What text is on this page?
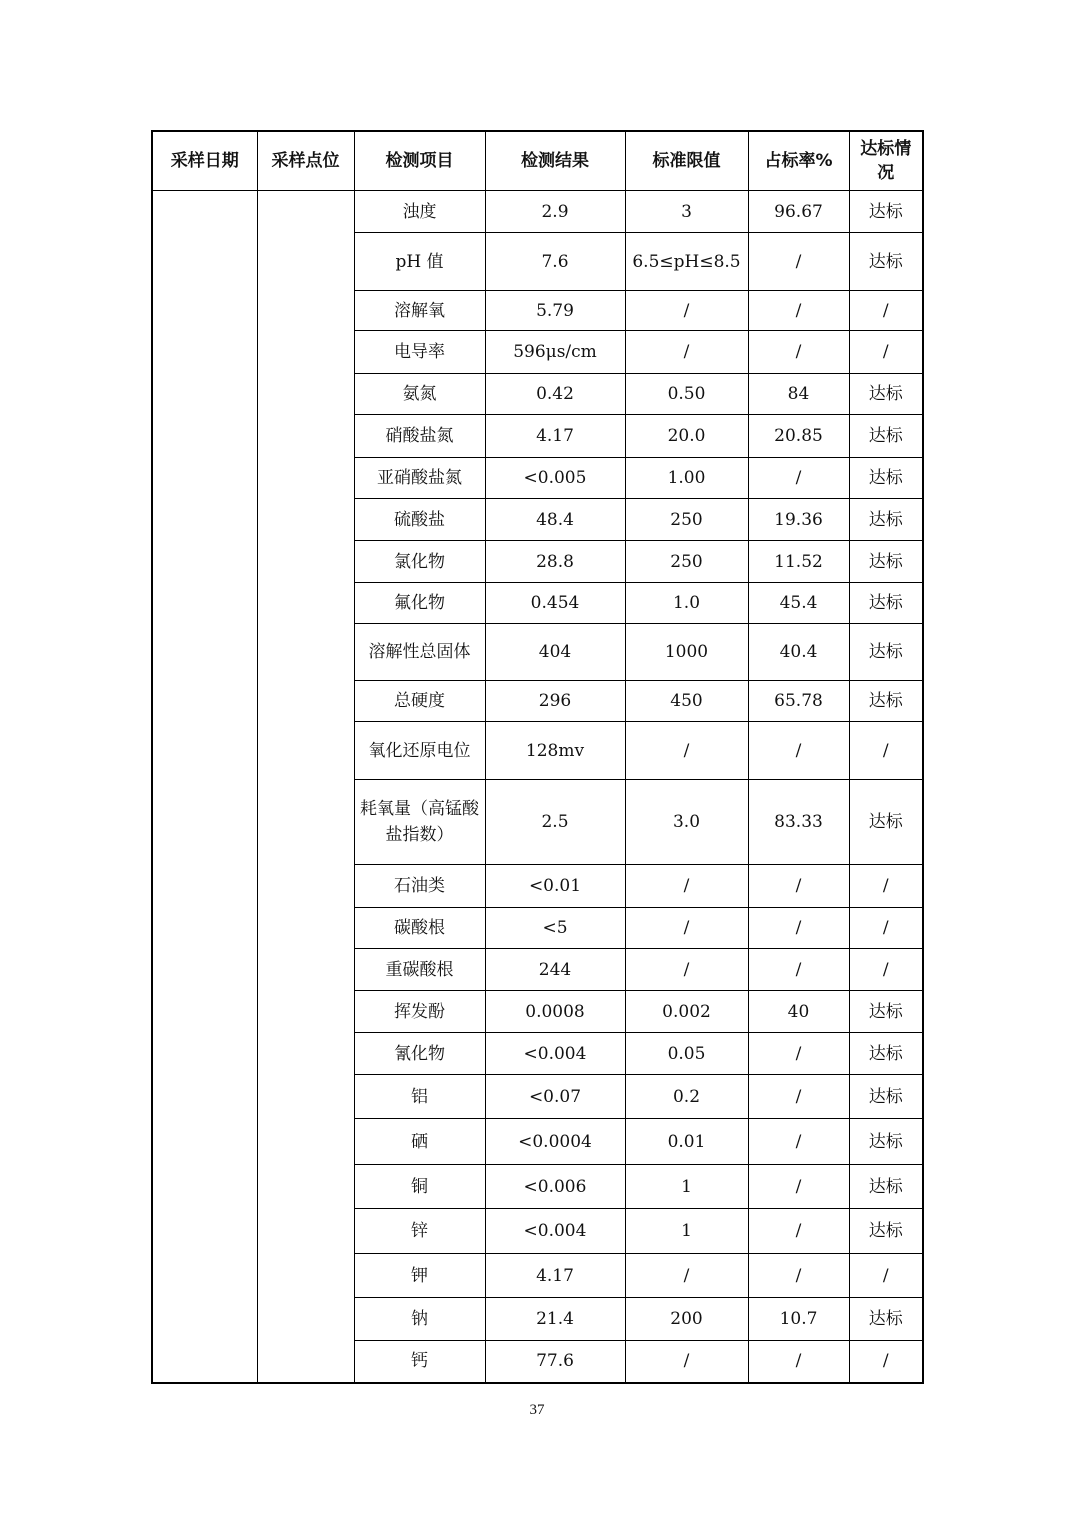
采样日期	采样点位	检测项目	检测结果	标准限值	占标率%	达标情况
		浊度	2.9	3	96.67	达标
		pH 值	7.6	6.5≤pH≤8.5	/	达标
		溶解氧	5.79	/	/	/
		电导率	596μs/cm	/	/	/
		氨氮	0.42	0.50	84	达标
		硝酸盐氮	4.17	20.0	20.85	达标
		亚硝酸盐氮	<0.005	1.00	/	达标
		硫酸盐	48.4	250	19.36	达标
		氯化物	28.8	250	11.52	达标
		氟化物	0.454	1.0	45.4	达标
		溶解性总固体	404	1000	40.4	达标
		总硬度	296	450	65.78	达标
		氧化还原电位	128mv	/	/	/
		耗氧量（高锰酸盐指数）	2.5	3.0	83.33	达标
		石油类	<0.01	/	/	/
		碳酸根	<5	/	/	/
		重碳酸根	244	/	/	/
		挥发酚	0.0008	0.002	40	达标
		氰化物	<0.004	0.05	/	达标
		铝	<0.07	0.2	/	达标
		硒	<0.0004	0.01	/	达标
		铜	<0.006	1	/	达标
		锌	<0.004	1	/	达标
		钾	4.17	/	/	/
		钠	21.4	200	10.7	达标
		钙	77.6	/	/	/
37
